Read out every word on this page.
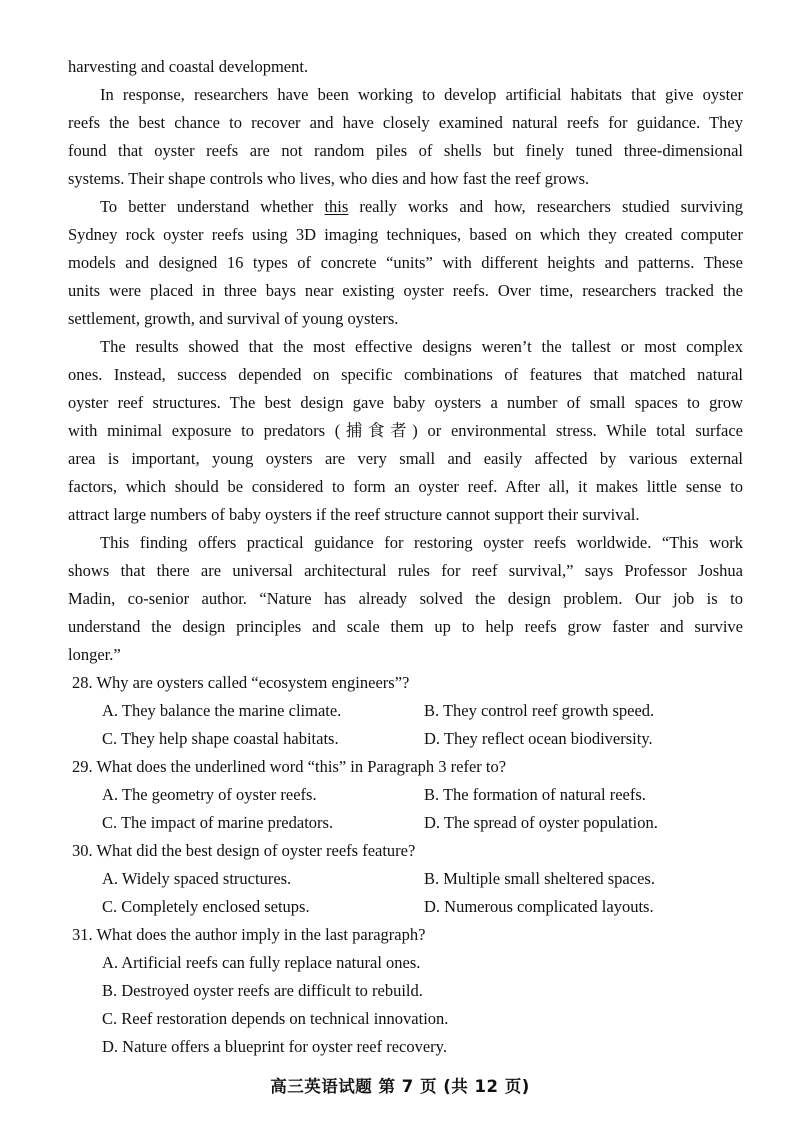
harvesting and coastal development.
In response, researchers have been working to develop artificial habitats that give oyster
reefs the best chance to recover and have closely examined natural reefs for guidance. They
found that oyster reefs are not random piles of shells but finely tuned three-dimensional
systems. Their shape controls who lives, who dies and how fast the reef grows.
To better understand whether this really works and how, researchers studied surviving
Sydney rock oyster reefs using 3D imaging techniques, based on which they created computer
models and designed 16 types of concrete “units” with different heights and patterns. These
units were placed in three bays near existing oyster reefs. Over time, researchers tracked the
settlement, growth, and survival of young oysters.
The results showed that the most effective designs weren’t the tallest or most complex
ones. Instead, success depended on specific combinations of features that matched natural
oyster reef structures. The best design gave baby oysters a number of small spaces to grow
with minimal exposure to predators (捕食者) or environmental stress. While total surface
area is important, young oysters are very small and easily affected by various external
factors, which should be considered to form an oyster reef. After all, it makes little sense to
attract large numbers of baby oysters if the reef structure cannot support their survival.
This finding offers practical guidance for restoring oyster reefs worldwide. “This work
shows that there are universal architectural rules for reef survival,” says Professor Joshua
Madin, co-senior author. “Nature has already solved the design problem. Our job is to
understand the design principles and scale them up to help reefs grow faster and survive
longer.”
28. Why are oysters called “ecosystem engineers”?
A. They balance the marine climate.	B. They control reef growth speed.
C. They help shape coastal habitats.	D. They reflect ocean biodiversity.
29. What does the underlined word “this” in Paragraph 3 refer to?
A. The geometry of oyster reefs.	B. The formation of natural reefs.
C. The impact of marine predators.	D. The spread of oyster population.
30. What did the best design of oyster reefs feature?
A. Widely spaced structures.	B. Multiple small sheltered spaces.
C. Completely enclosed setups.	D. Numerous complicated layouts.
31. What does the author imply in the last paragraph?
A. Artificial reefs can fully replace natural ones.
B. Destroyed oyster reefs are difficult to rebuild.
C. Reef restoration depends on technical innovation.
D. Nature offers a blueprint for oyster reef recovery.
高三英语试题 第 7 页 (共 12 页)
